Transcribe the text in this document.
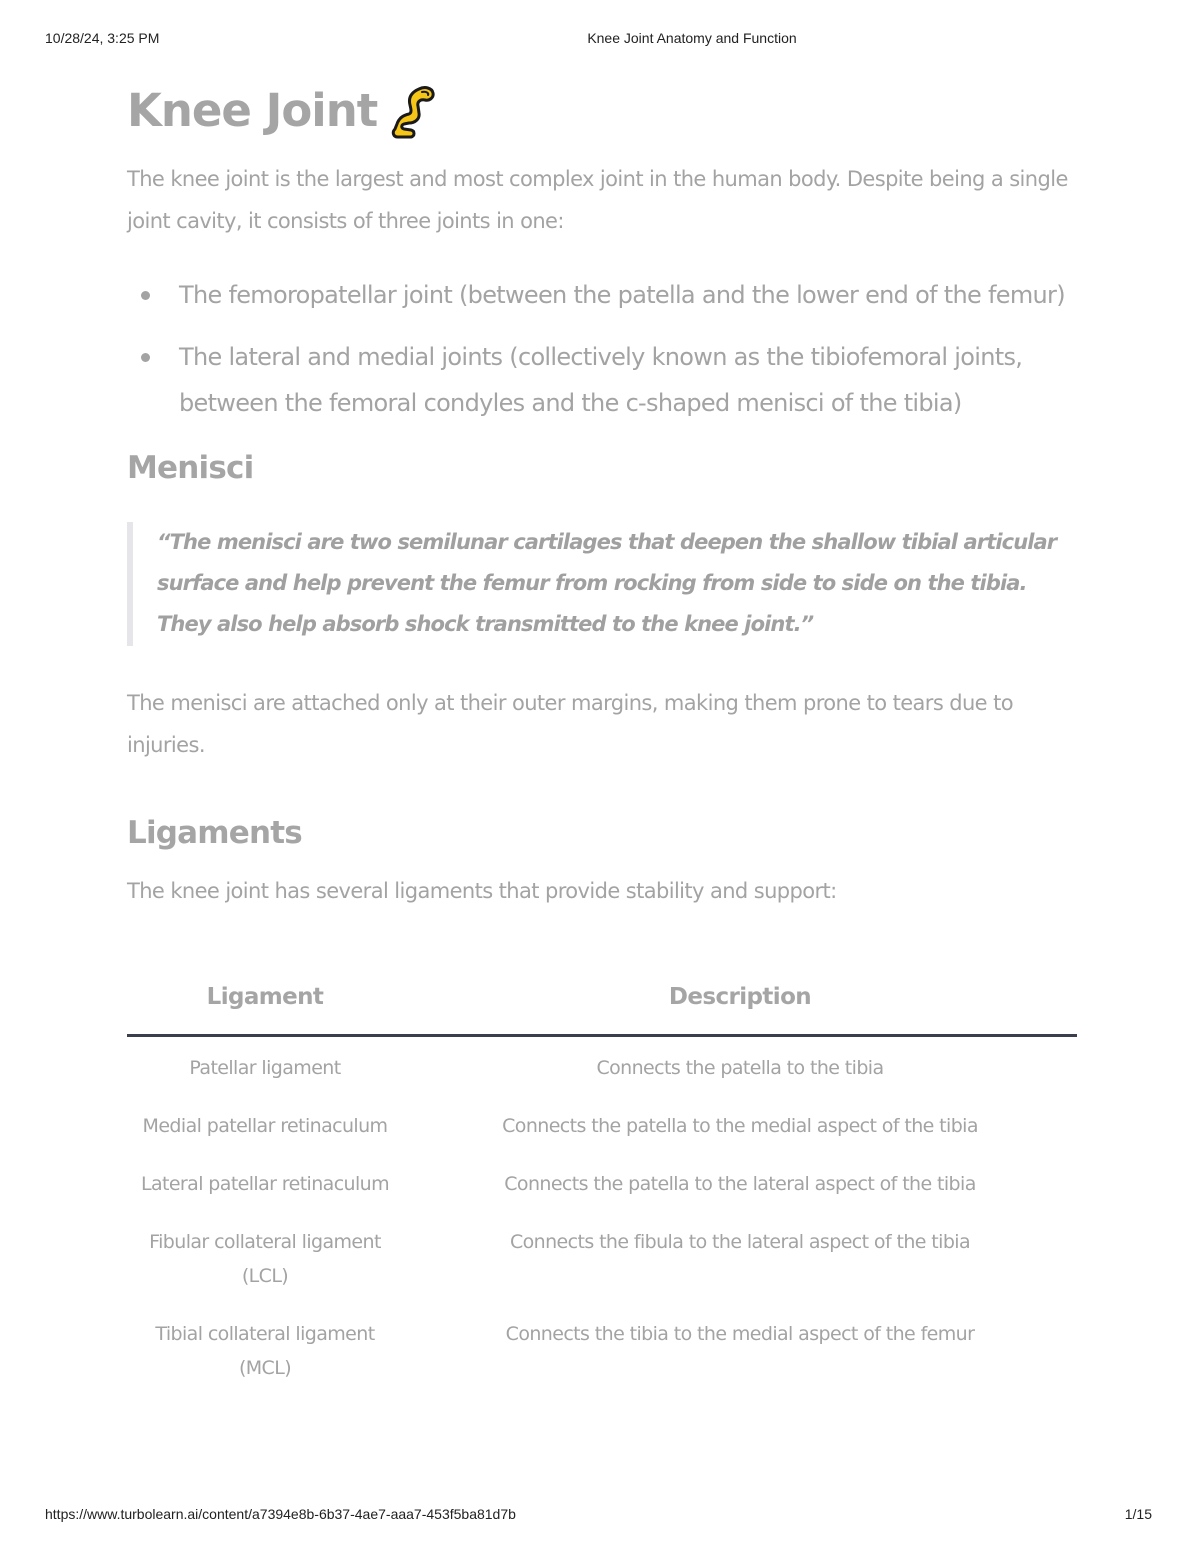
10/28/24, 3:25 PM	Knee Joint Anatomy and Function
Knee Joint

The knee joint is the largest and most complex joint in the human body. Despite being a single joint cavity, it consists of three joints in one:

The femoropatellar joint (between the patella and the lower end of the femur)
The lateral and medial joints (collectively known as the tibiofemoral joints, between the femoral condyles and the c-shaped menisci of the tibia)
Menisci
“The menisci are two semilunar cartilages that deepen the shallow tibial articular surface and help prevent the femur from rocking from side to side on the tibia. They also help absorb shock transmitted to the knee joint.”

The menisci are attached only at their outer margins, making them prone to tears due to injuries.

Ligaments

The knee joint has several ligaments that provide stability and support:

Ligament	Description
Patellar ligament	Connects the patella to the tibia
Medial patellar retinaculum	Connects the patella to the medial aspect of the tibia
Lateral patellar retinaculum	Connects the patella to the lateral aspect of the tibia
Fibular collateral ligament (LCL)	Connects the fibula to the lateral aspect of the tibia
Tibial collateral ligament (MCL)	Connects the tibia to the medial aspect of the femur
https://www.turbolearn.ai/content/a7394e8b-6b37-4ae7-aaa7-453f5ba81d7b	1/15
